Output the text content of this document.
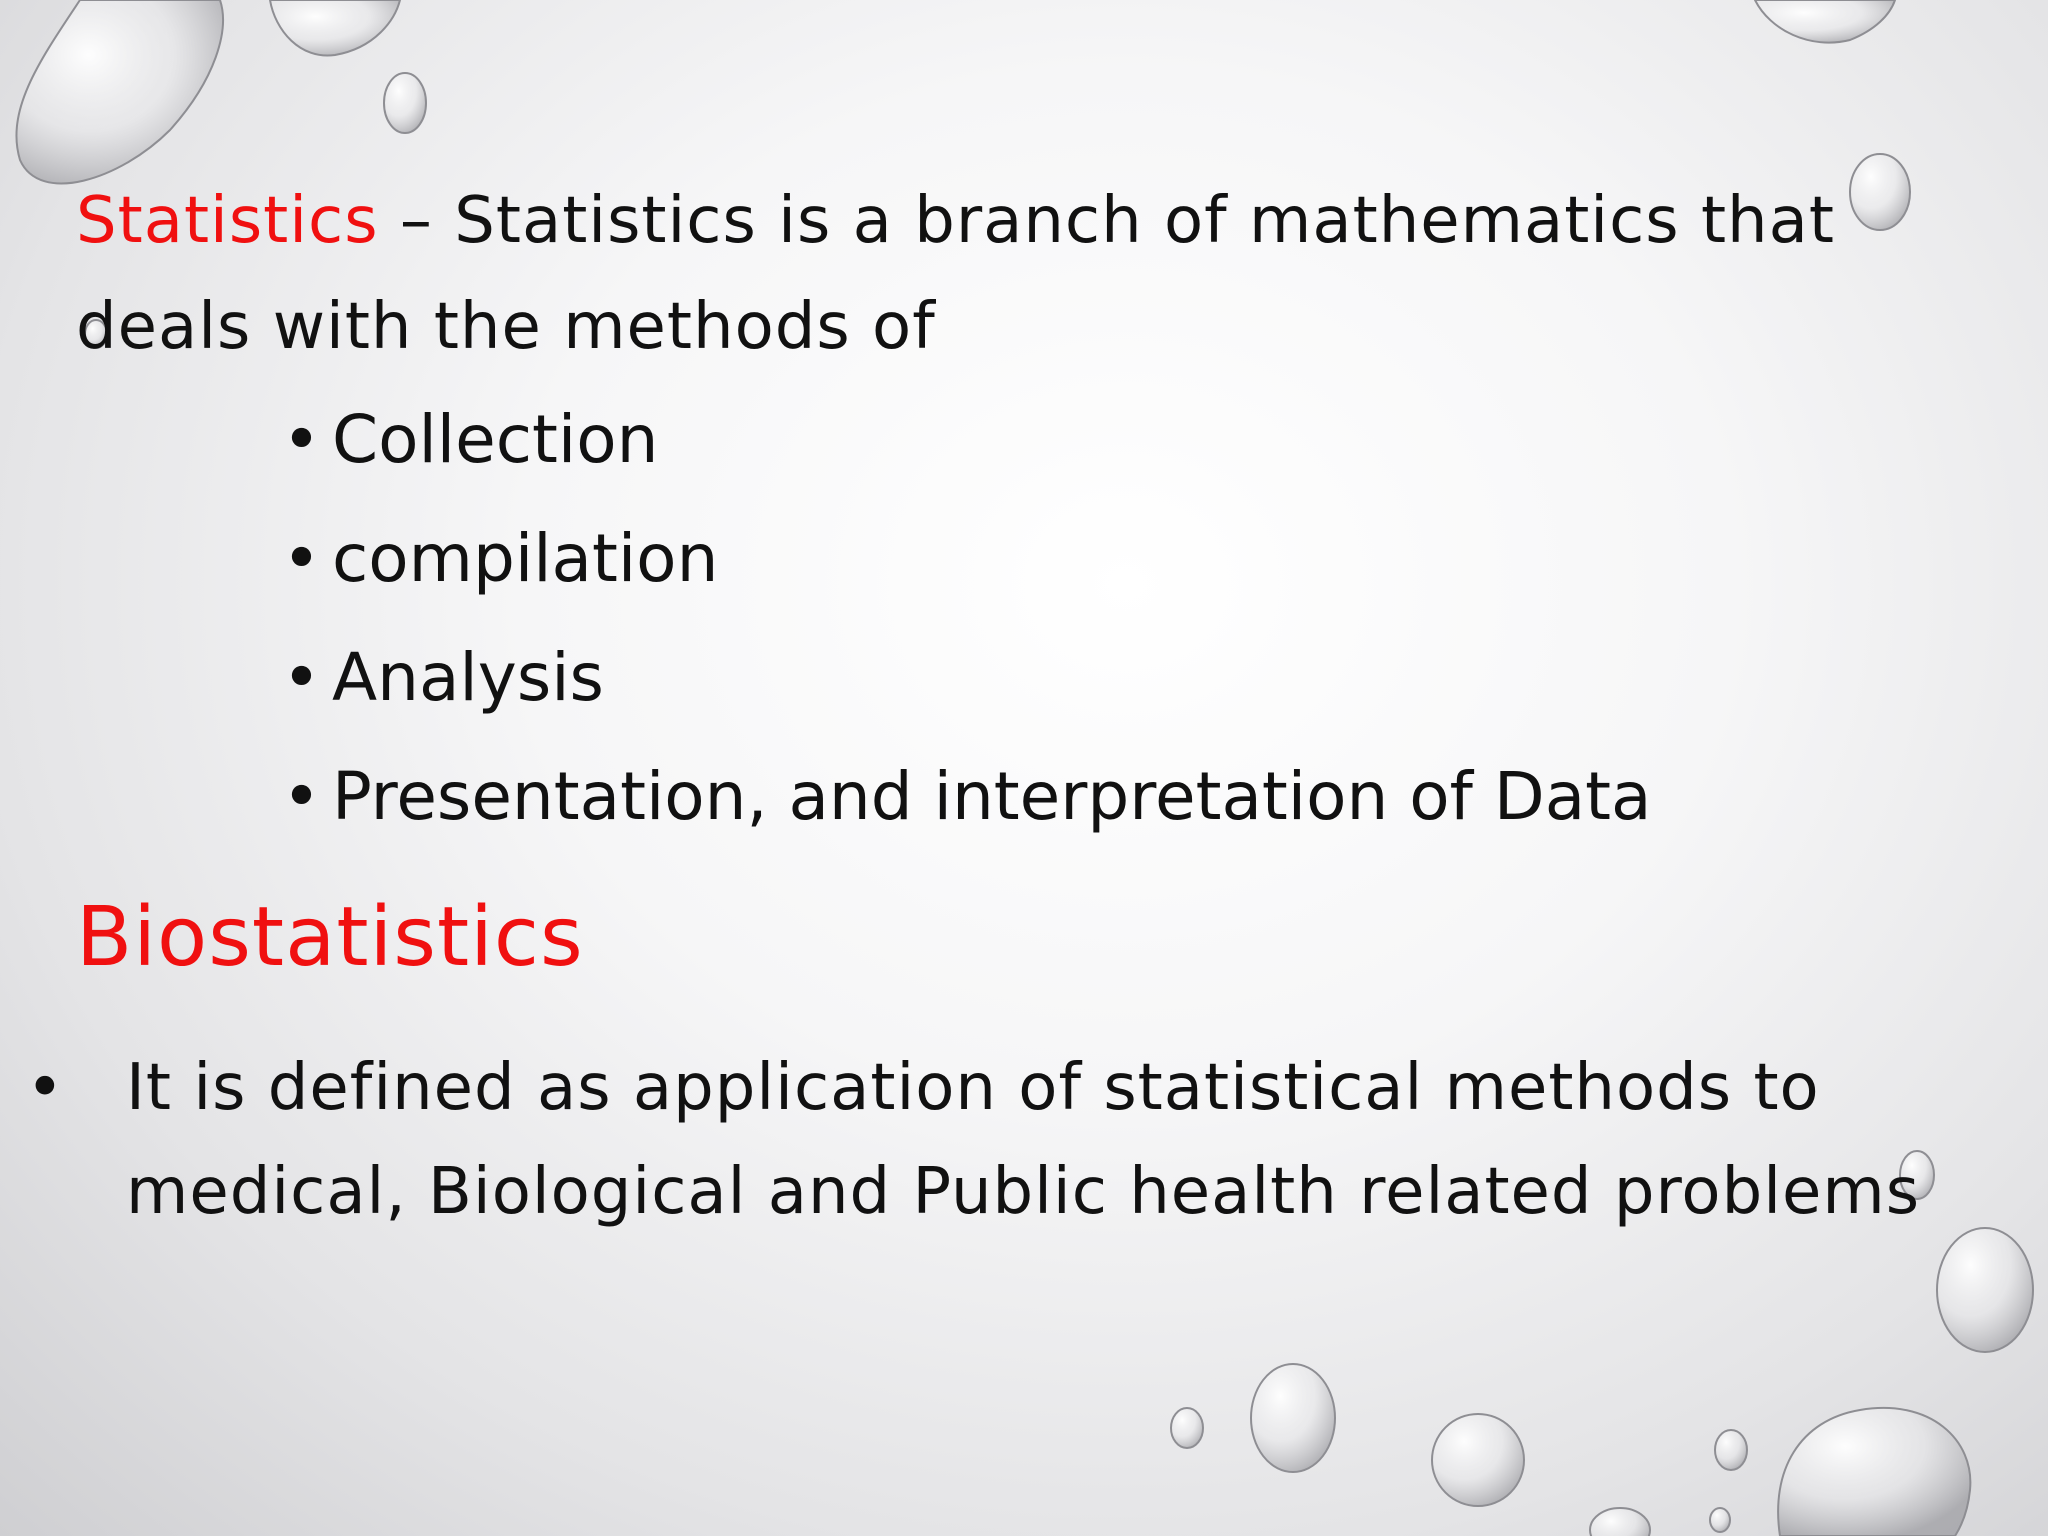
Statistics – Statistics is a branch of mathematics that deals with the methods of

• Collection
• compilation
• Analysis
• Presentation, and interpretation of Data
Biostatistics
• It is defined as application of statistical methods to medical, Biological and Public health related problems
